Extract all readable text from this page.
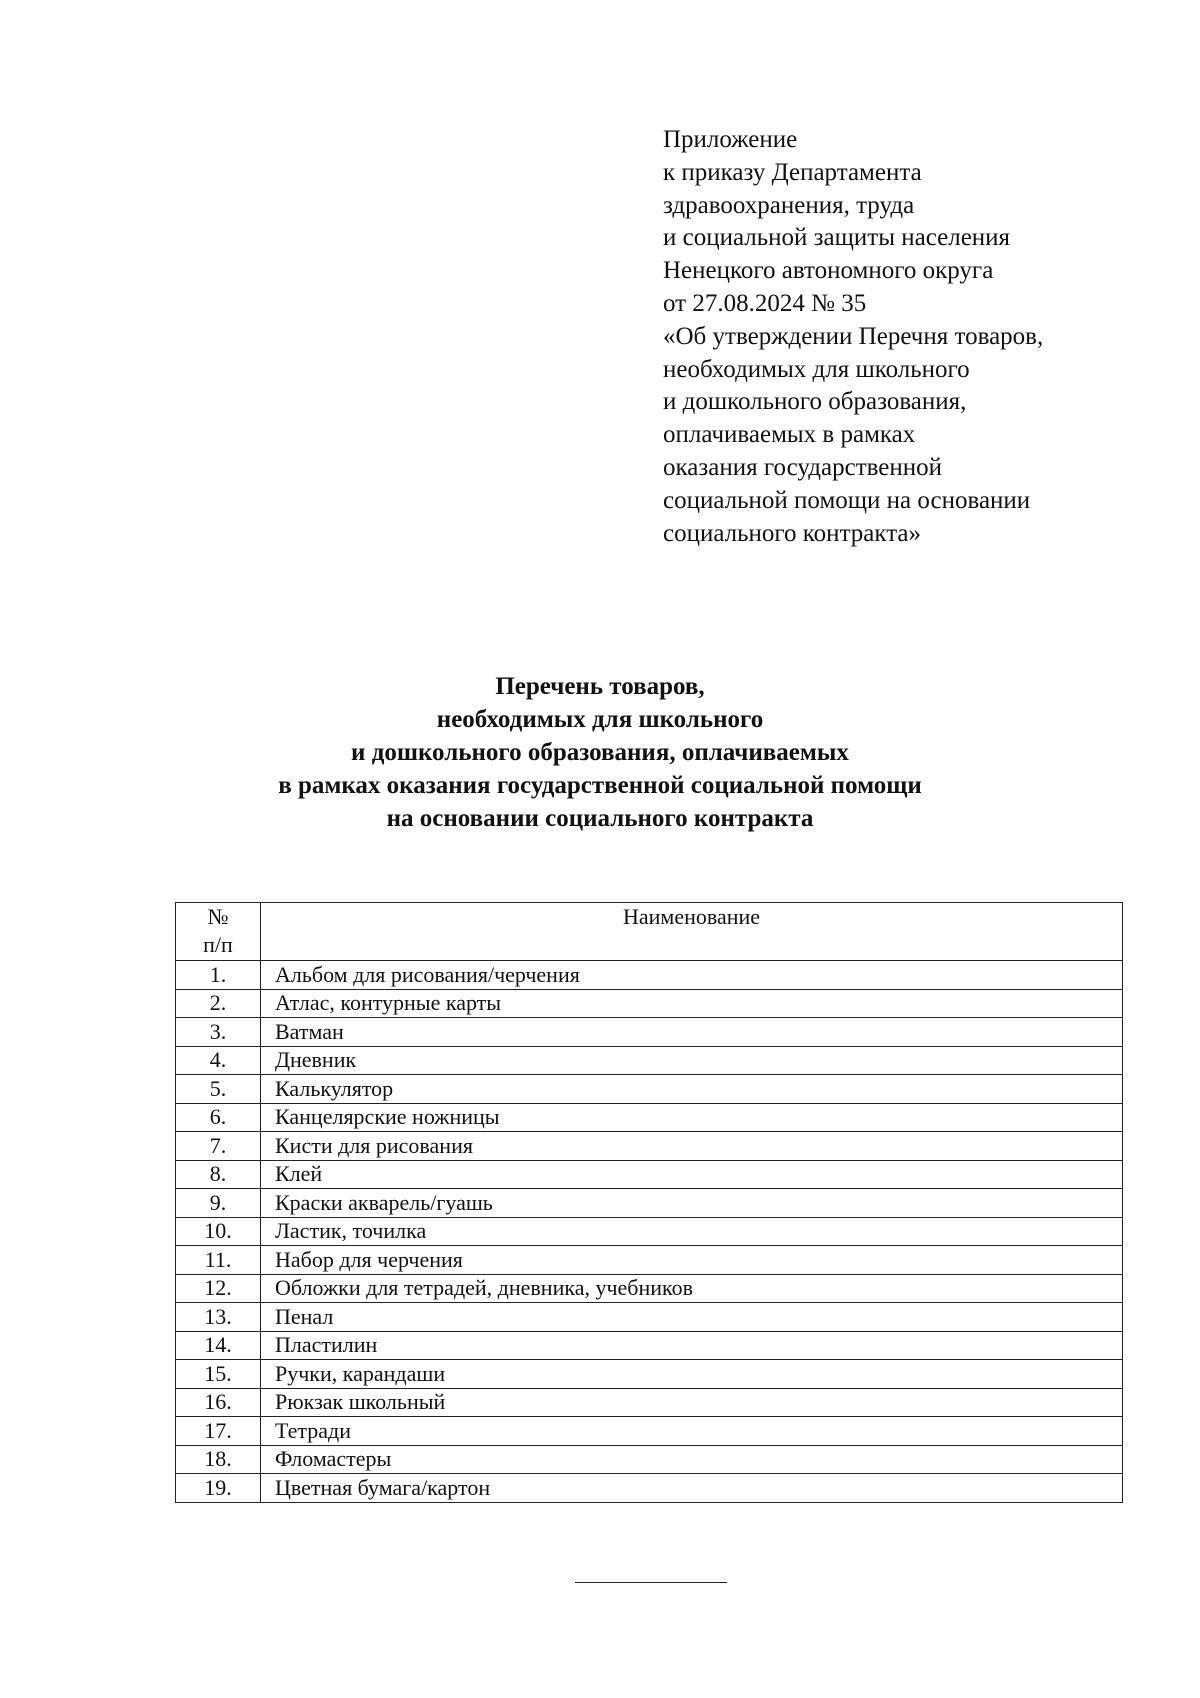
Приложение
к приказу Департамента
здравоохранения, труда
и социальной защиты населения
Ненецкого автономного округа
от 27.08.2024 № 35
«Об утверждении Перечня товаров,
необходимых для школьного
и дошкольного образования,
оплачиваемых в рамках
оказания государственной
социальной помощи на основании
социального контракта»
Перечень товаров,
необходимых для школьного
и дошкольного образования, оплачиваемых
в рамках оказания государственной социальной помощи
на основании социального контракта
№
п/п	Наименование
1.	Альбом для рисования/черчения
2.	Атлас, контурные карты
3.	Ватман
4.	Дневник
5.	Калькулятор
6.	Канцелярские ножницы
7.	Кисти для рисования
8.	Клей
9.	Краски акварель/гуашь
10.	Ластик, точилка
11.	Набор для черчения
12.	Обложки для тетрадей, дневника, учебников
13.	Пенал
14.	Пластилин
15.	Ручки, карандаши
16.	Рюкзак школьный
17.	Тетради
18.	Фломастеры
19.	Цветная бумага/картон
